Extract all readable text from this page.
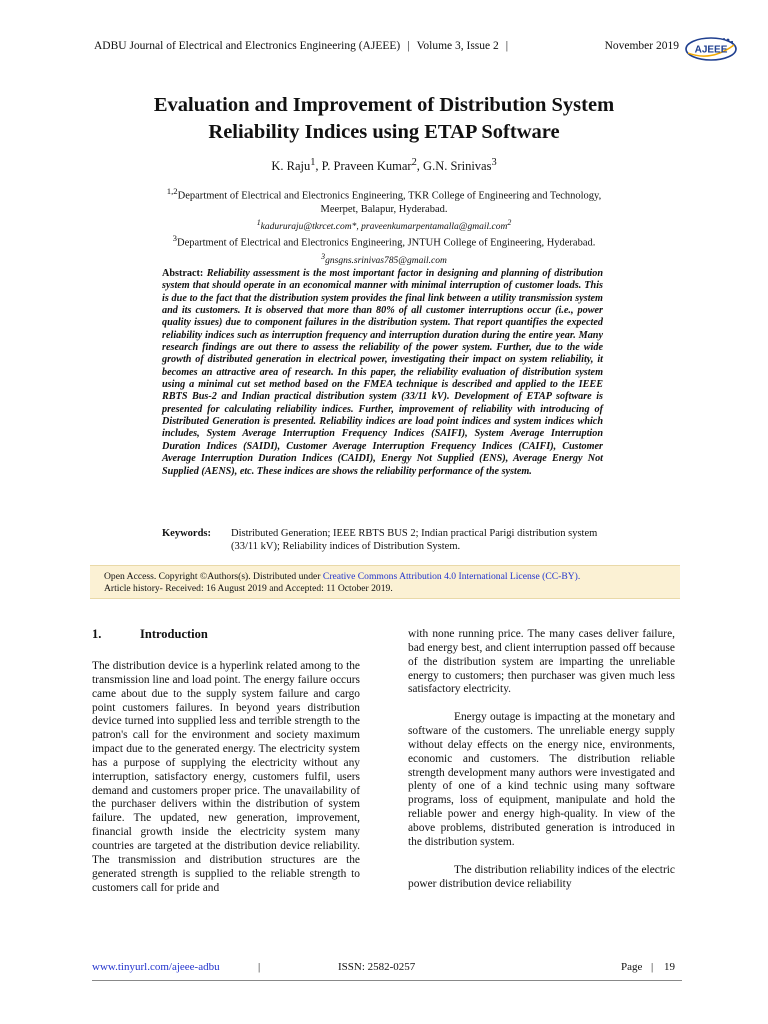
ADBU Journal of Electrical and Electronics Engineering (AJEEE) | Volume 3, Issue 2 |	November 2019 AJEEE
Evaluation and Improvement of Distribution System
Reliability Indices using ETAP Software
K. Raju$^1$, P. Praveen Kumar$^2$, G.N. Srinivas$^3$
$^{1,2}$Department of Electrical and Electronics Engineering, TKR College of Engineering and Technology,
Meerpet, Balapur, Hyderabad.
$^1$kadururaju@tkrcet.com*, praveenkumarpentamalla@gmail.com$^2$
$^3$Department of Electrical and Electronics Engineering, JNTUH College of Engineering, Hyderabad.
$^3$gnsgns.srinivas785@gmail.com
Abstract: Reliability assessment is the most important factor in designing and planning of distribution system that should operate in an economical manner with minimal interruption of customer loads. This is due to the fact that the distribution system provides the final link between a utility transmission system and its customers. It is observed that more than 80% of all customer interruptions occur (i.e., power quality issues) due to component failures in the distribution system. That report quantifies the expected reliability indices such as interruption frequency and interruption duration during the entire year. Many research findings are out there to assess the reliability of the power system. Further, due to the wide growth of distributed generation in electrical power, investigating their impact on system reliability, it becomes an attractive area of research. In this paper, the reliability evaluation of distribution system using a minimal cut set method based on the FMEA technique is described and applied to the IEEE RBTS Bus-2 and Indian practical distribution system (33/11 kV). Development of ETAP software is presented for calculating reliability indices. Further, improvement of reliability with introducing of Distributed Generation is presented. Reliability indices are load point indices and system indices which includes, System Average Interruption Frequency Indices (SAIFI), System Average Interruption Duration Indices (SAIDI), Customer Average Interruption Frequency Indices (CAIFI), Customer Average Interruption Duration Indices (CAIDI), Energy Not Supplied (ENS), Average Energy Not Supplied (AENS), etc. These indices are shows the reliability performance of the system.
Keywords:	Distributed Generation; IEEE RBTS BUS 2; Indian practical Parigi distribution system (33/11 kV); Reliability indices of Distribution System.
Open Access. Copyright ©Authors(s). Distributed under Creative Commons Attribution 4.0 International License (CC-BY).
Article history- Received: 16 August 2019 and Accepted: 11 October 2019.
1.	Introduction

The distribution device is a hyperlink related among to the transmission line and load point. The energy failure occurs came about due to the supply system failure and cargo point customers failures. In beyond years distribution device turned into supplied less and terrible strength to the patron's call for the environment and society maximum impact due to the generated energy. The electricity system has a purpose of supplying the electricity without any interruption, satisfactory energy, customers fulfil, users demand and customers proper price. The unavailability of the purchaser delivers within the distribution of system failure. The updated, new generation, improvement, financial growth inside the electricity system many countries are targeted at the distribution device reliability. The transmission and distribution structures are the generated strength is supplied to the reliable strength to customers call for pride and

with none running price. The many cases deliver failure, bad energy best, and client interruption passed off because of the distribution system are imparting the unreliable energy to customers; then purchaser was given much less satisfactory electricity.

Energy outage is impacting at the monetary and software of the customers. The unreliable energy supply without delay effects on the energy nice, environments, economic and customers. The distribution reliable strength development many authors were investigated and plenty of one of a kind technic using many software programs, loss of equipment, manipulate and hold the reliable power and energy high-quality. In view of the above problems, distributed generation is introduced in the distribution system.

The distribution reliability indices of the electric power distribution device reliability

www.tinyurl.com/ajeee-adbu	|	ISSN: 2582-0257	Page | 19
